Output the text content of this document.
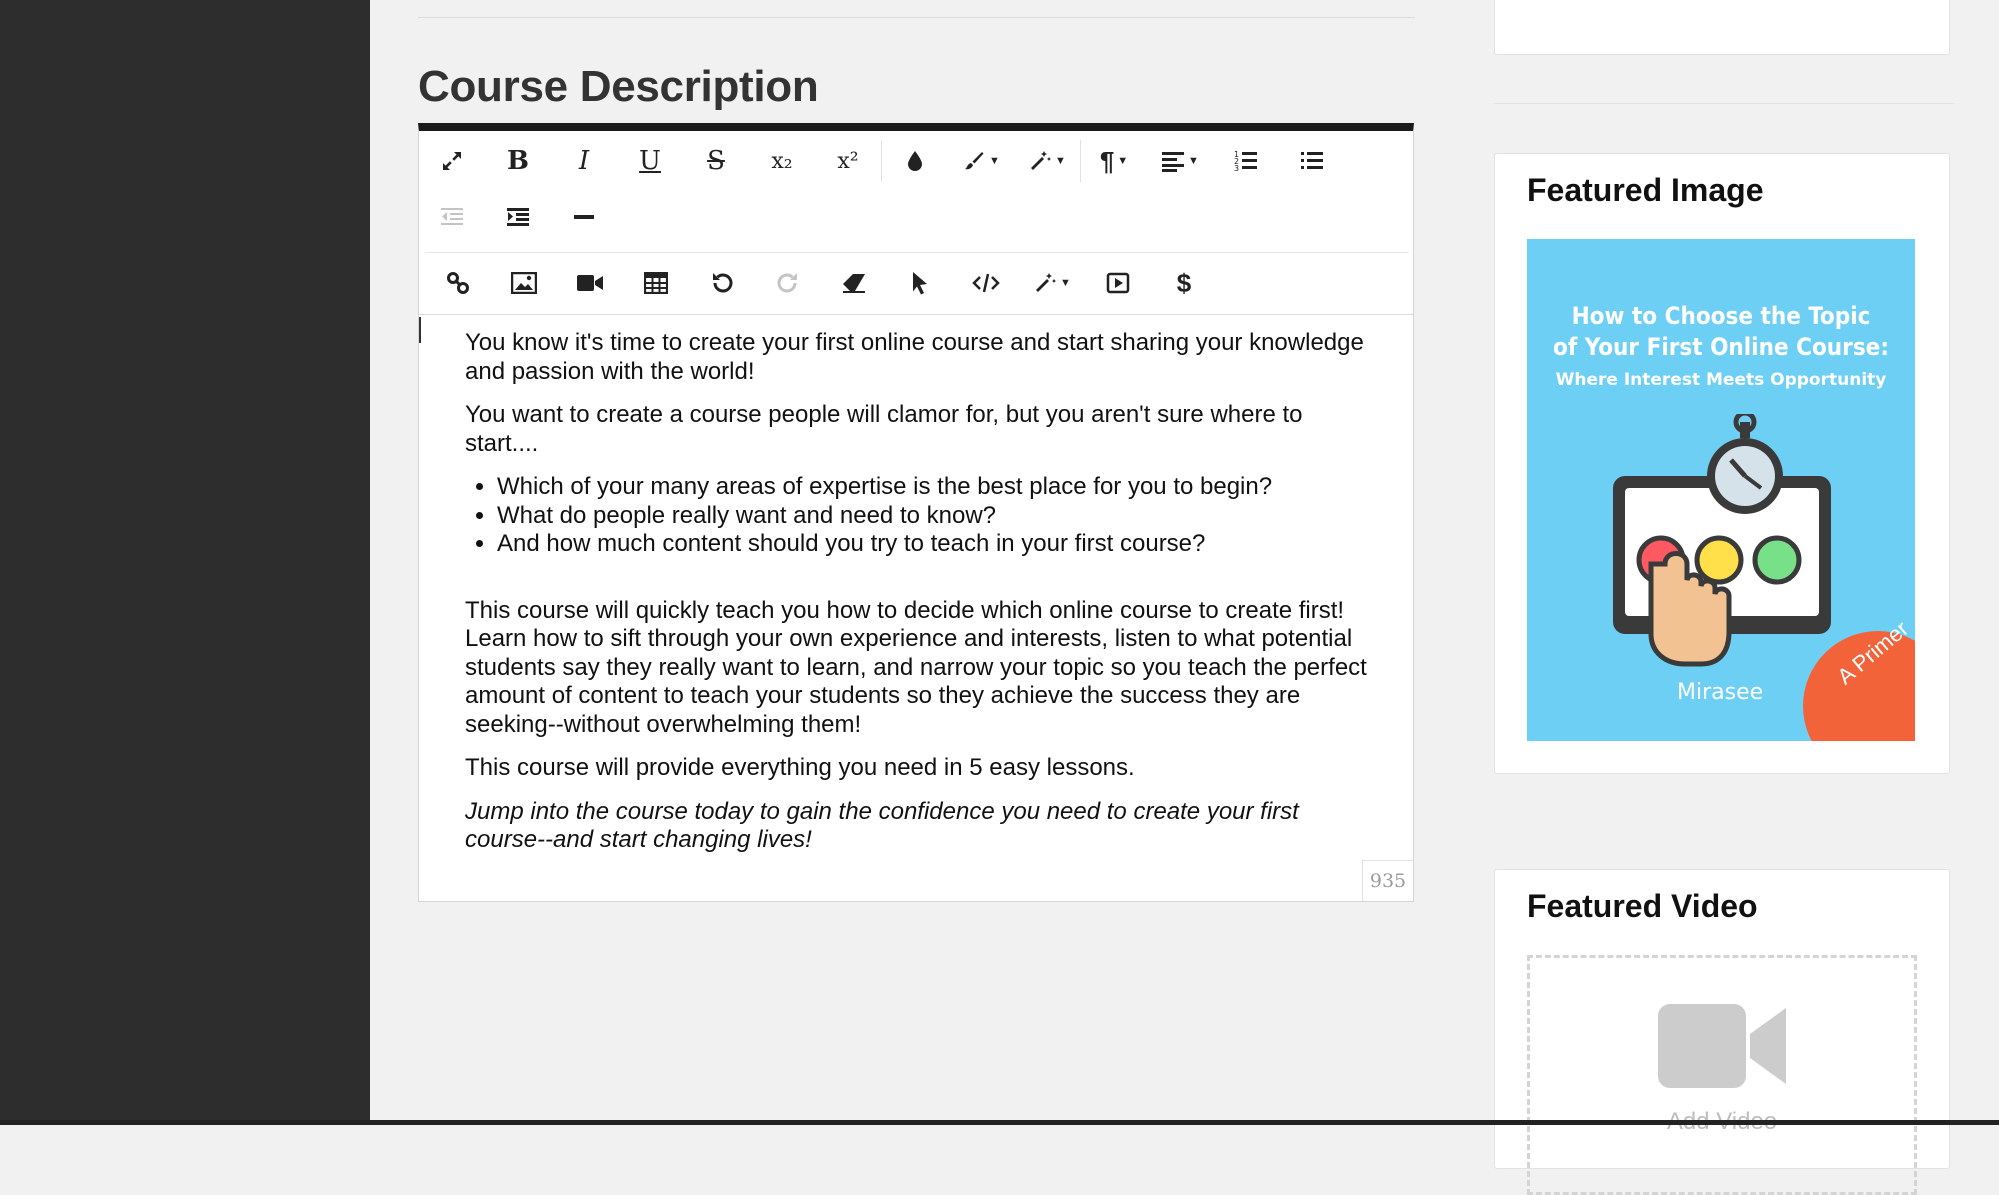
Course Description
B	I	U	S	x₂	x²	▼	▼	¶ ▼	▼
1
2
3
▼	$

You know it's time to create your first online course and start sharing your knowledge and passion with the world!

You want to create a course people will clamor for, but you aren't sure where to start....

• Which of your many areas of expertise is the best place for you to begin?
• What do people really want and need to know?
• And how much content should you try to teach in your first course?

This course will quickly teach you how to decide which online course to create first! Learn how to sift through your own experience and interests, listen to what potential students say they really want to learn, and narrow your topic so you teach the perfect amount of content to teach your students so they achieve the success they are seeking--without overwhelming them!

This course will provide everything you need in 5 easy lessons.

Jump into the course today to gain the confidence you need to create your first course--and start changing lives!

935
Featured Image
How to Choose the Topic
of Your First Online Course:
Where Interest Meets Opportunity
Mirasee
A Primer
Featured Video
